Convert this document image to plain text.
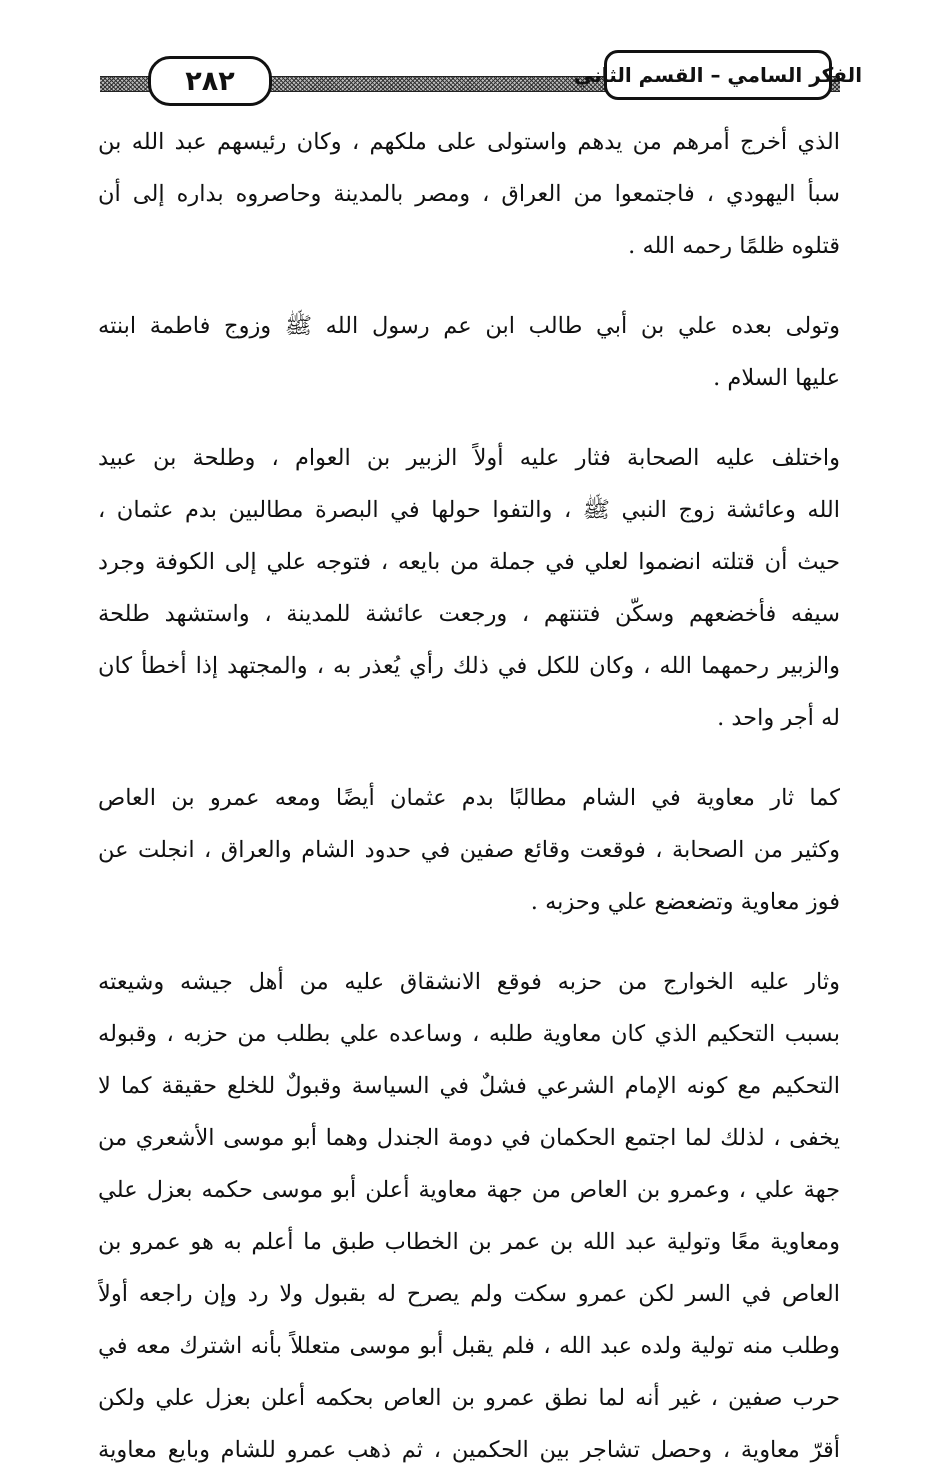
٢٨٢	الفكر السامي – القسم الثاني
الذي أخرج أمرهم من يدهم واستولى على ملكهم ، وكان رئيسهم عبد الله بن
سبأ اليهودي ، فاجتمعوا من العراق ، ومصر بالمدينة وحاصروه بداره إلى أن
قتلوه ظلمًا رحمه الله .
وتولى بعده علي بن أبي طالب ابن عم رسول الله ﷺ وزوج فاطمة ابنته
عليها السلام .
واختلف عليه الصحابة فثار عليه أولاً الزبير بن العوام ، وطلحة بن عبيد
الله وعائشة زوج النبي ﷺ ، والتفوا حولها في البصرة مطالبين بدم عثمان ،
حيث أن قتلته انضموا لعلي في جملة من بايعه ، فتوجه علي إلى الكوفة وجرد
سيفه فأخضعهم وسكّن فتنتهم ، ورجعت عائشة للمدينة ، واستشهد طلحة
والزبير رحمهما الله ، وكان للكل في ذلك رأي يُعذر به ، والمجتهد إذا أخطأ كان
له أجر واحد .
كما ثار معاوية في الشام مطالبًا بدم عثمان أيضًا ومعه عمرو بن العاص
وكثير من الصحابة ، فوقعت وقائع صفين في حدود الشام والعراق ، انجلت عن
فوز معاوية وتضعضع علي وحزبه .
وثار عليه الخوارج من حزبه فوقع الانشقاق عليه من أهل جيشه وشيعته
بسبب التحكيم الذي كان معاوية طلبه ، وساعده علي بطلب من حزبه ، وقبوله
التحكيم مع كونه الإمام الشرعي فشلٌ في السياسة وقبولٌ للخلع حقيقة كما لا
يخفى ، لذلك لما اجتمع الحكمان في دومة الجندل وهما أبو موسى الأشعري من
جهة علي ، وعمرو بن العاص من جهة معاوية أعلن أبو موسى حكمه بعزل علي
ومعاوية معًا وتولية عبد الله بن عمر بن الخطاب طبق ما أعلم به هو عمرو بن
العاص في السر لكن عمرو سكت ولم يصرح له بقبول ولا رد وإن راجعه أولاً
وطلب منه تولية ولده عبد الله ، فلم يقبل أبو موسى متعللاً بأنه اشترك معه في
حرب صفين ، غير أنه لما نطق عمرو بن العاص بحكمه أعلن بعزل علي ولكن
أقرّ معاوية ، وحصل تشاجر بين الحكمين ، ثم ذهب عمرو للشام وبايع معاوية
